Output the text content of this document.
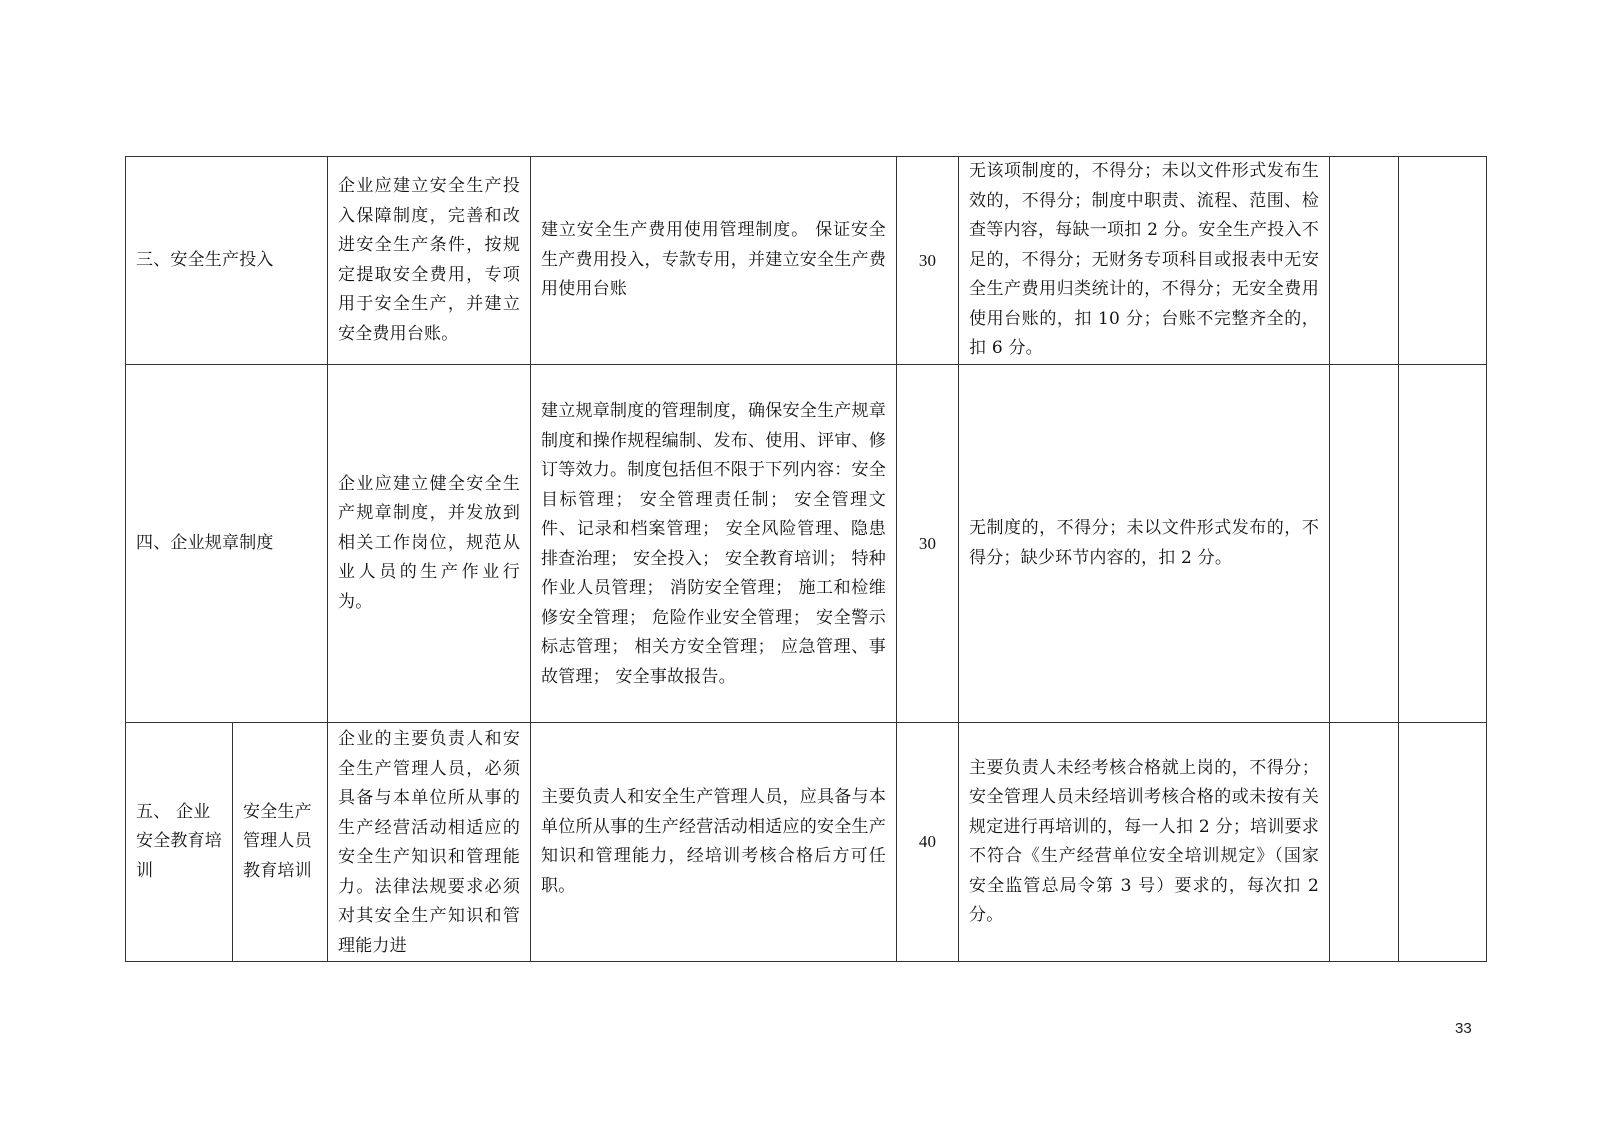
三、安全生产投入		企业应建立安全生产投入保障制度，完善和改进安全生产条件，按规定提取安全费用，专项用于安全生产，并建立安全费用台账。	建立安全生产费用使用管理制度。 保证安全生产费用投入，专款专用，并建立安全生产费用使用台账	30	无该项制度的，不得分；未以文件形式发布生效的，不得分；制度中职责、流程、范围、检查等内容，每缺一项扣 2 分。安全生产投入不足的，不得分；无财务专项科目或报表中无安全生产费用归类统计的，不得分；无安全费用使用台账的，扣 10 分；台账不完整齐全的，扣 6 分。		
四、企业规章制度		企业应建立健全安全生产规章制度，并发放到相关工作岗位，规范从业人员的生产作业行为。	建立规章制度的管理制度，确保安全生产规章制度和操作规程编制、发布、使用、评审、修订等效力。制度包括但不限于下列内容：安全目标管理； 安全管理责任制； 安全管理文件、记录和档案管理； 安全风险管理、隐患排查治理； 安全投入； 安全教育培训； 特种作业人员管理； 消防安全管理； 施工和检维修安全管理； 危险作业安全管理； 安全警示标志管理； 相关方安全管理； 应急管理、事故管理； 安全事故报告。	30	无制度的，不得分；未以文件形式发布的，不得分；缺少环节内容的，扣 2 分。		
五、 企业安全教育培训	安全生产管理人员教育培训	企业的主要负责人和安全生产管理人员，必须具备与本单位所从事的生产经营活动相适应的安全生产知识和管理能力。法律法规要求必须对其安全生产知识和管理能力进	主要负责人和安全生产管理人员，应具备与本单位所从事的生产经营活动相适应的安全生产知识和管理能力，经培训考核合格后方可任职。	40	主要负责人未经考核合格就上岗的，不得分；安全管理人员未经培训考核合格的或未按有关规定进行再培训的，每一人扣 2 分；培训要求不符合《生产经营单位安全培训规定》（国家安全监管总局令第 3 号）要求的，每次扣 2 分。		
33
